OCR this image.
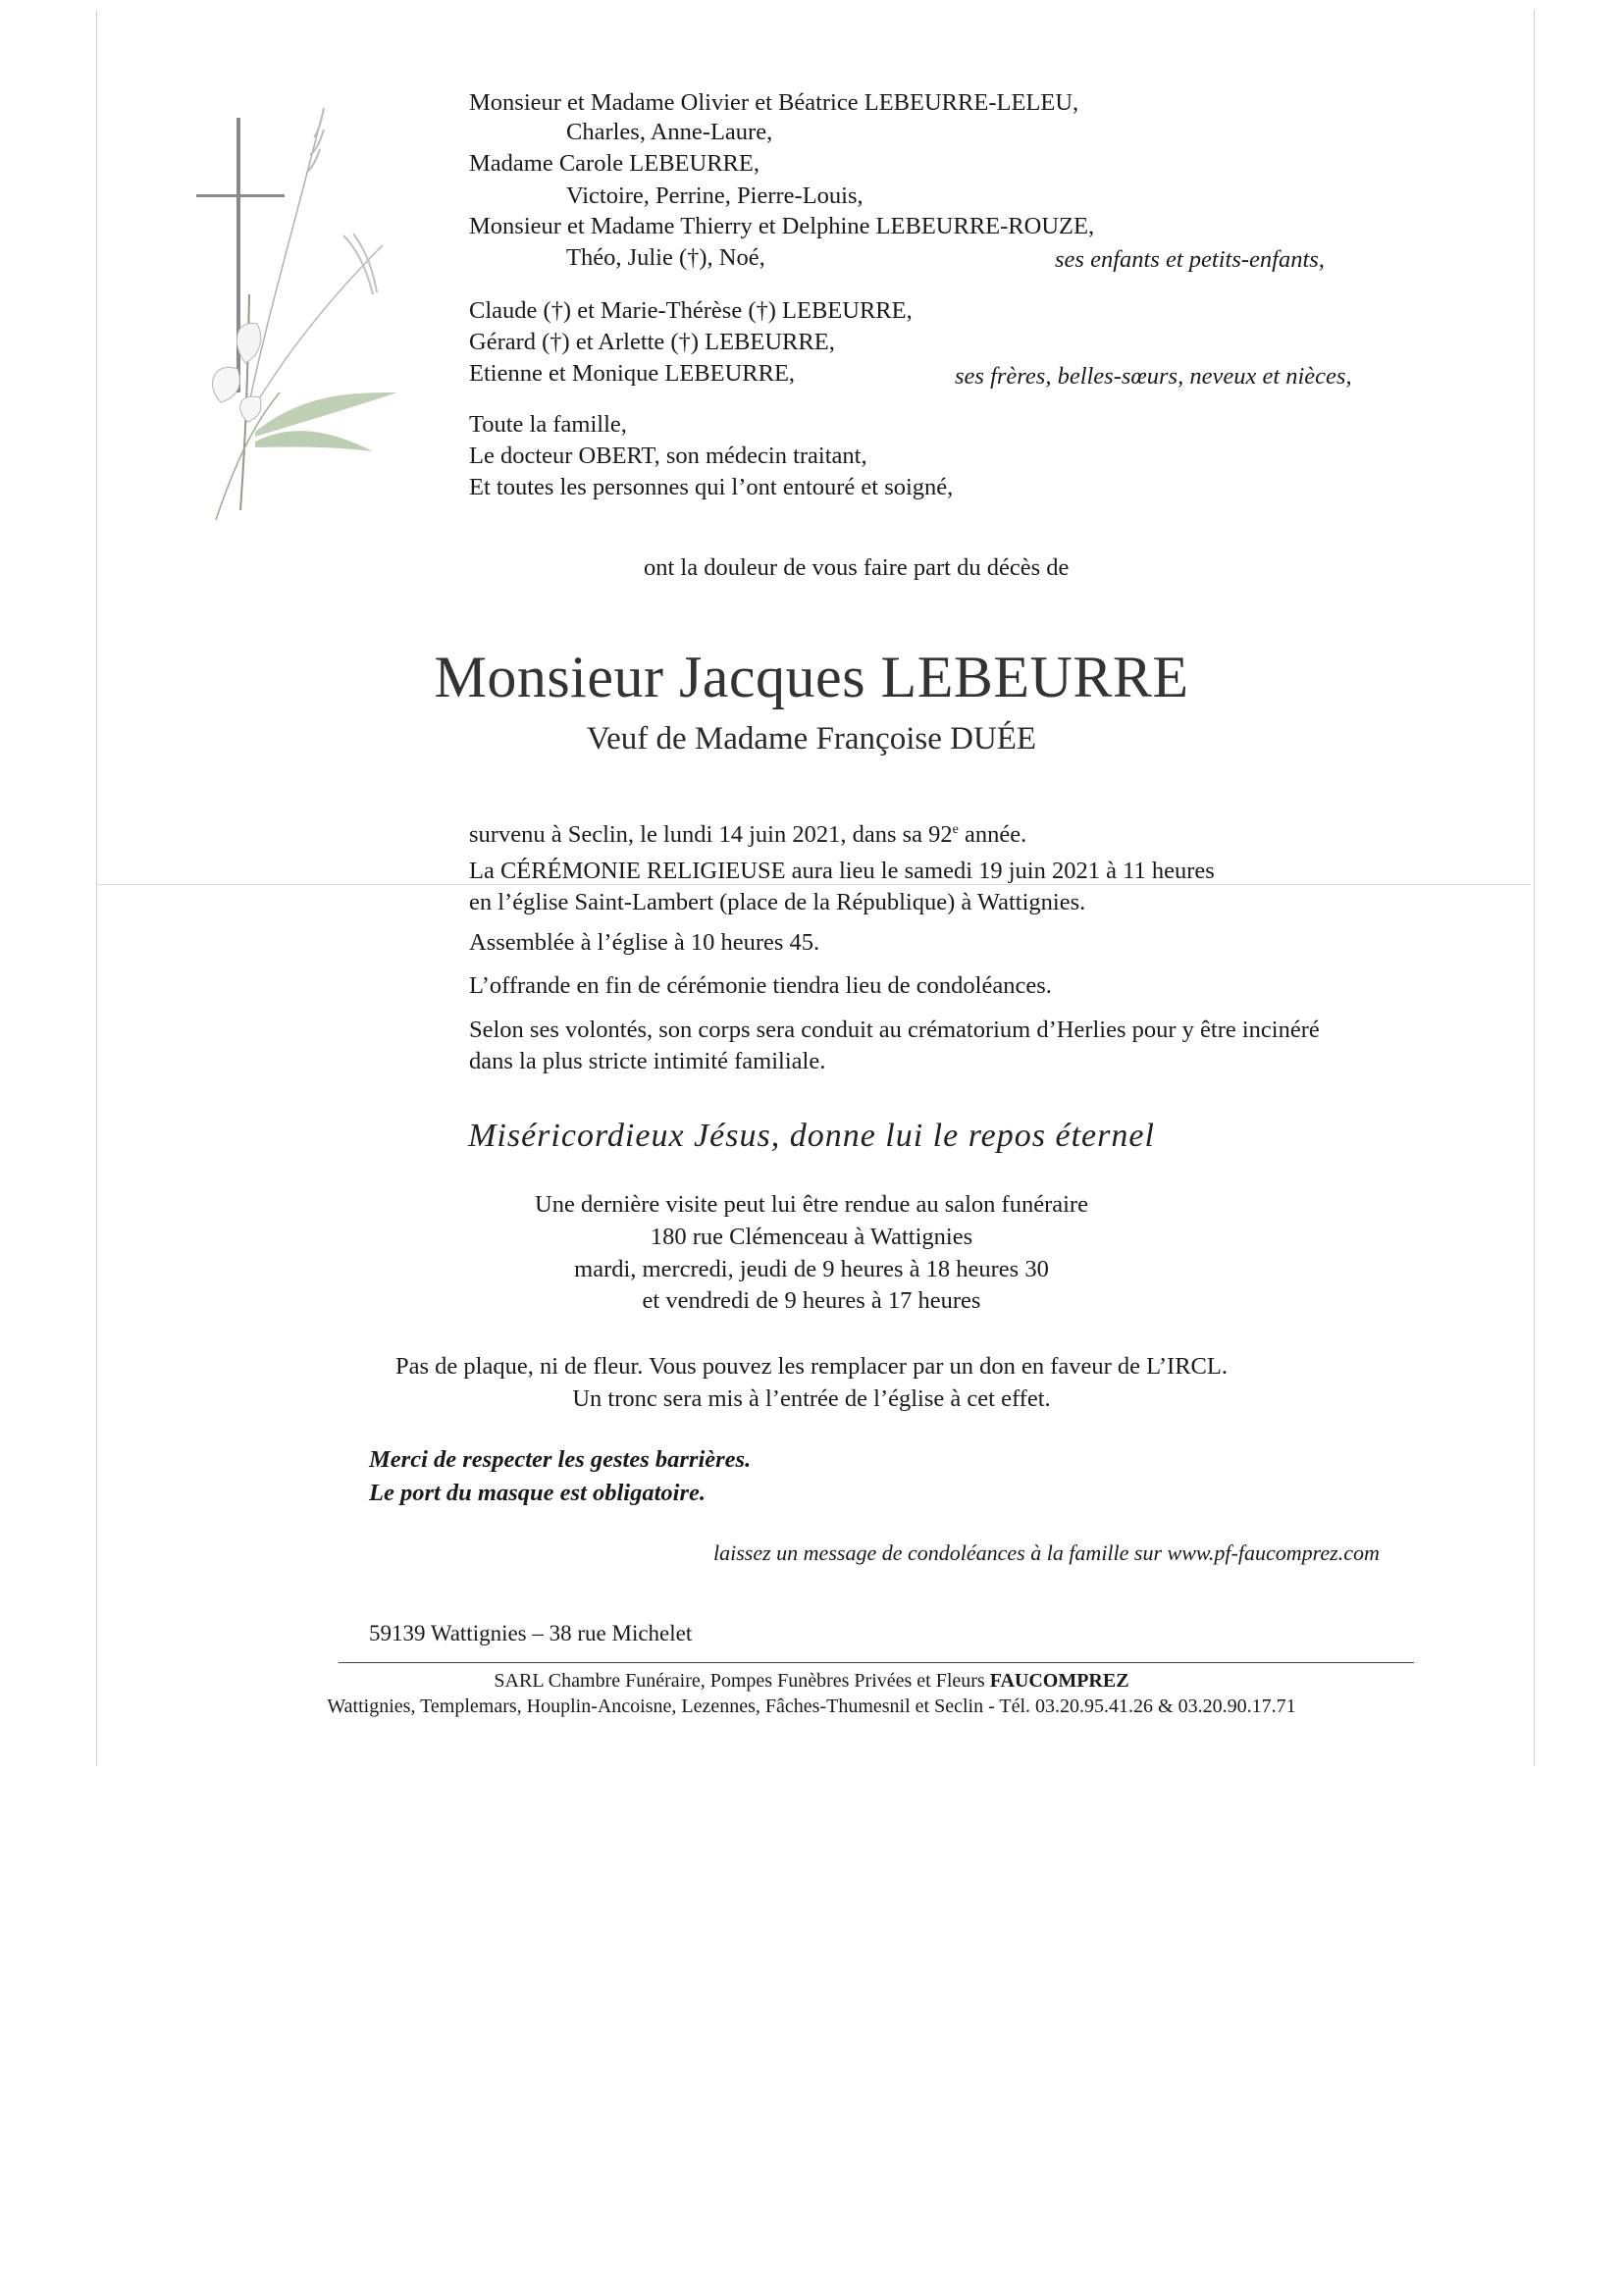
Monsieur et Madame Olivier et Béatrice LEBEURRE-LELEU,
Charles, Anne-Laure,
Madame Carole LEBEURRE,
Victoire, Perrine, Pierre-Louis,
Monsieur et Madame Thierry et Delphine LEBEURRE-ROUZE,
Théo, Julie (†), Noé,	ses enfants et petits-enfants,
Claude (†) et Marie-Thérèse (†) LEBEURRE,
Gérard (†) et Arlette (†) LEBEURRE,
Etienne et Monique LEBEURRE,	ses frères, belles-sœurs, neveux et nièces,
Toute la famille,
Le docteur OBERT, son médecin traitant,
Et toutes les personnes qui l’ont entouré et soigné,
ont la douleur de vous faire part du décès de
Monsieur Jacques LEBEURRE
Veuf de Madame Françoise DUÉE
survenu à Seclin, le lundi 14 juin 2021, dans sa 92e année.
La CÉRÉMONIE RELIGIEUSE aura lieu le samedi 19 juin 2021 à 11 heures
en l’église Saint-Lambert (place de la République) à Wattignies.
Assemblée à l’église à 10 heures 45.
L’offrande en fin de cérémonie tiendra lieu de condoléances.
Selon ses volontés, son corps sera conduit au crématorium d’Herlies pour y être incinéré
dans la plus stricte intimité familiale.
Miséricordieux Jésus, donne lui le repos éternel
Une dernière visite peut lui être rendue au salon funéraire
180 rue Clémenceau à Wattignies
mardi, mercredi, jeudi de 9 heures à 18 heures 30
et vendredi de 9 heures à 17 heures
Pas de plaque, ni de fleur. Vous pouvez les remplacer par un don en faveur de L’IRCL.
Un tronc sera mis à l’entrée de l’église à cet effet.
Merci de respecter les gestes barrières.
Le port du masque est obligatoire.
laissez un message de condoléances à la famille sur www.pf-faucomprez.com
59139 Wattignies – 38 rue Michelet
SARL Chambre Funéraire, Pompes Funèbres Privées et Fleurs FAUCOMPREZ
Wattignies, Templemars, Houplin-Ancoisne, Lezennes, Fâches-Thumesnil et Seclin - Tél. 03.20.95.41.26 & 03.20.90.17.71
